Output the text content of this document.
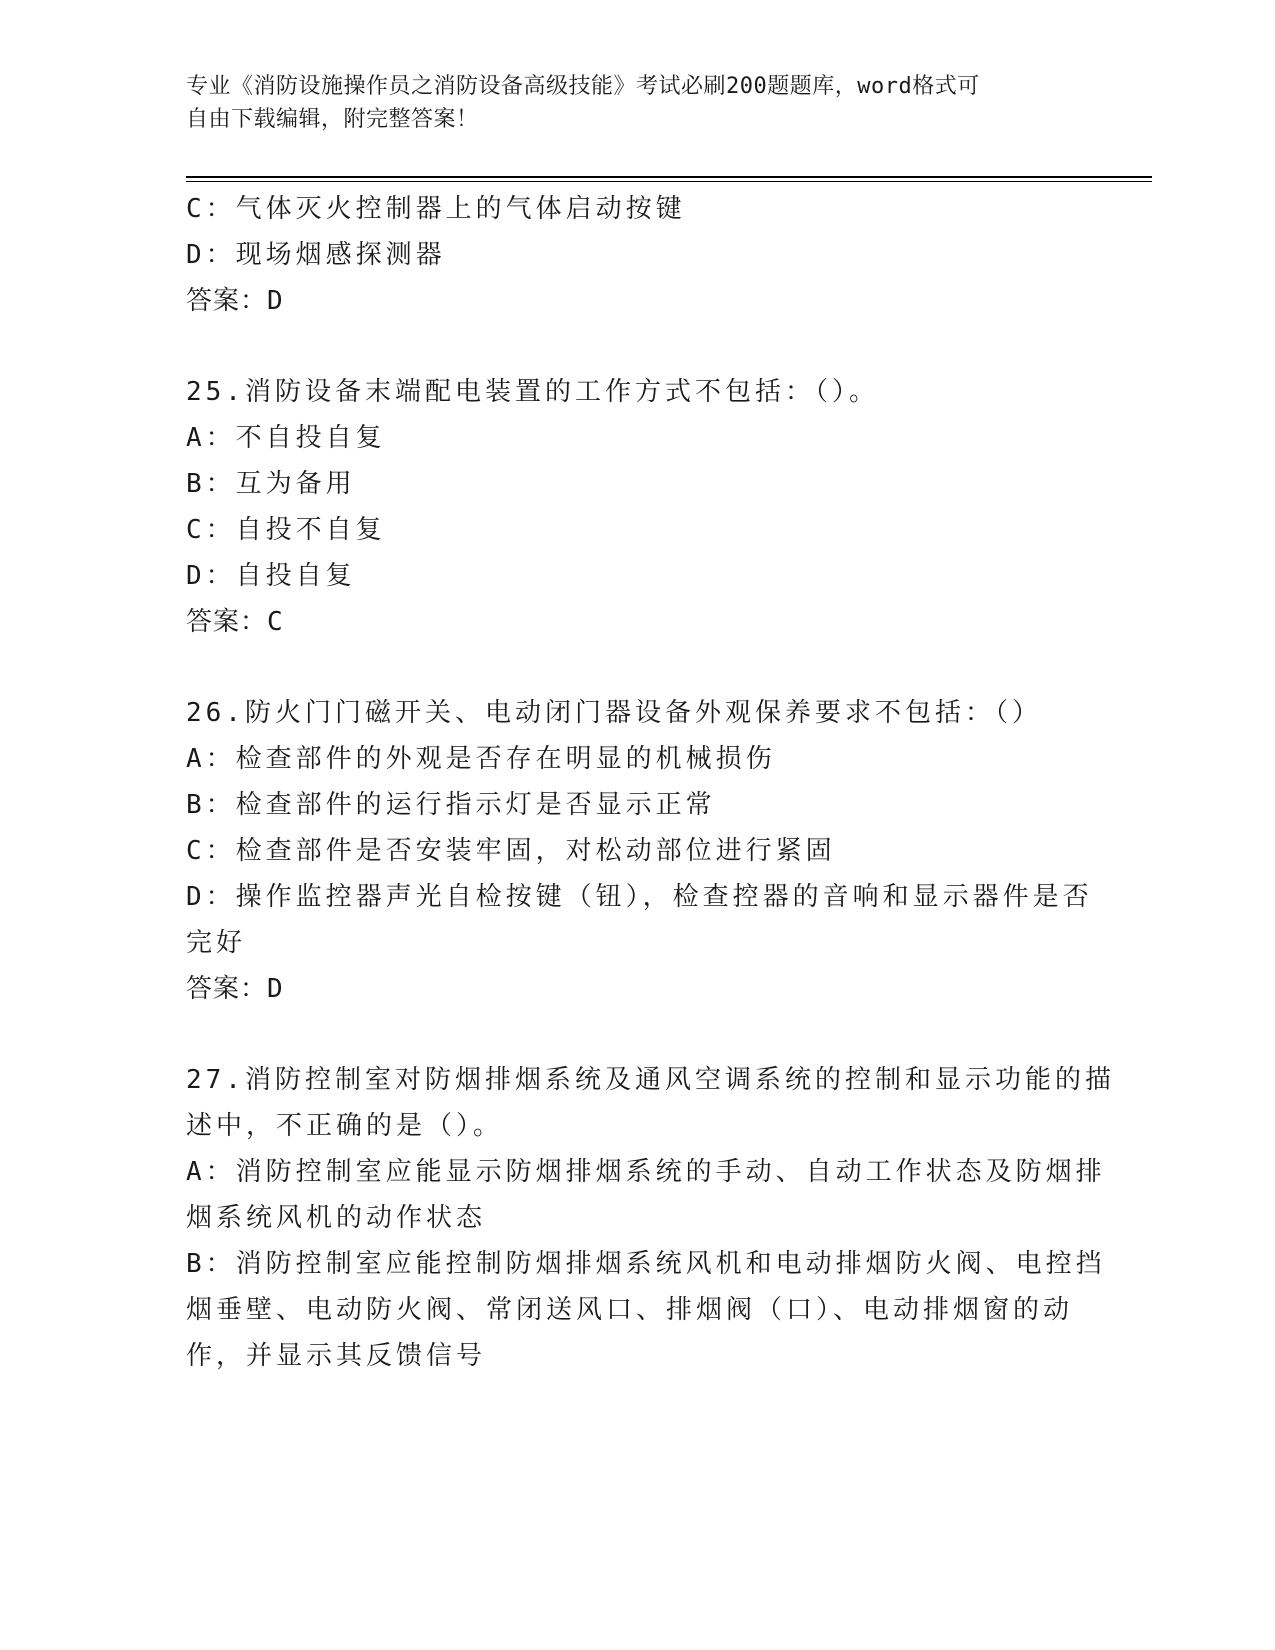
专业《消防设施操作员之消防设备高级技能》考试必刷200题题库，word格式可
自由下载编辑，附完整答案！
C：气体灭火控制器上的气体启动按键
D：现场烟感探测器
答案：D
25.消防设备末端配电装置的工作方式不包括：（）。
A：不自投自复
B：互为备用
C：自投不自复
D：自投自复
答案：C
26.防火门门磁开关、电动闭门器设备外观保养要求不包括：（）
A：检查部件的外观是否存在明显的机械损伤
B：检查部件的运行指示灯是否显示正常
C：检查部件是否安装牢固，对松动部位进行紧固
D：操作监控器声光自检按键（钮），检查控器的音响和显示器件是否
完好
答案：D
27.消防控制室对防烟排烟系统及通风空调系统的控制和显示功能的描
述中，不正确的是（）。
A：消防控制室应能显示防烟排烟系统的手动、自动工作状态及防烟排
烟系统风机的动作状态
B：消防控制室应能控制防烟排烟系统风机和电动排烟防火阀、电控挡
烟垂壁、电动防火阀、常闭送风口、排烟阀（口）、电动排烟窗的动
作，并显示其反馈信号
